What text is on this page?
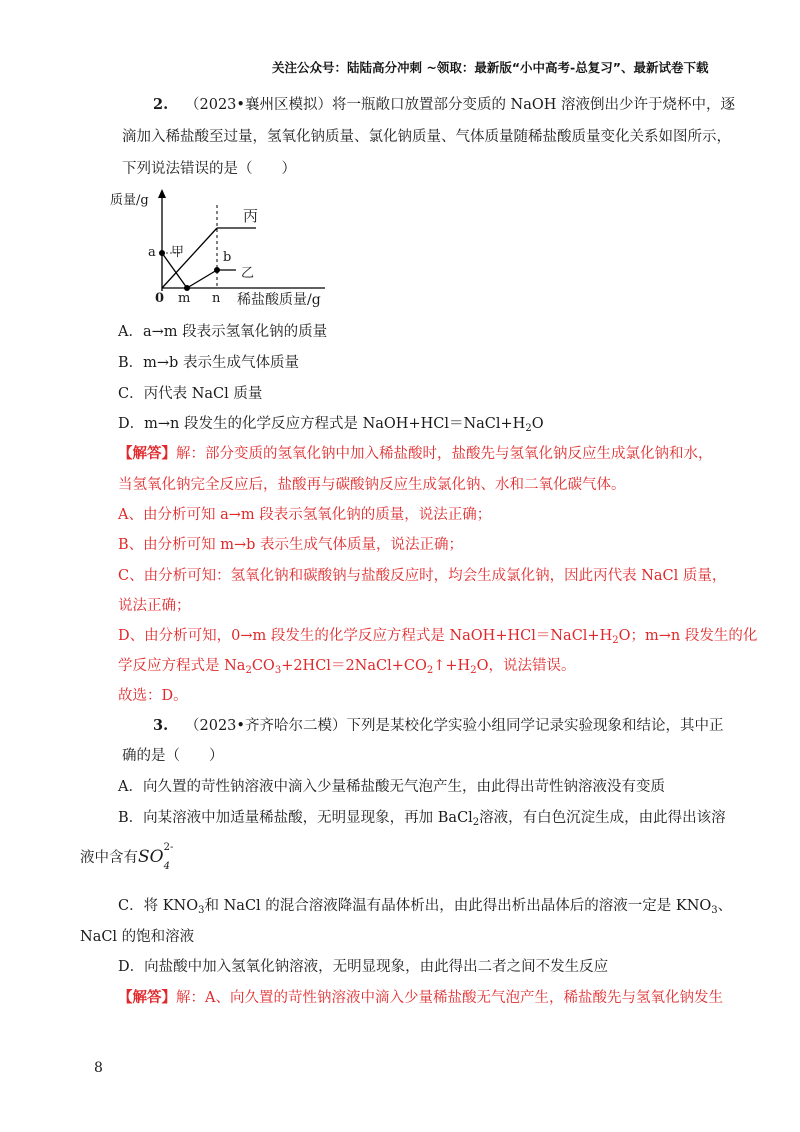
关注公众号：陆陆高分冲刺 ~领取：最新版“小中高考-总复习”、最新试卷下载
2. （2023•襄州区模拟）将一瓶敞口放置部分变质的 NaOH 溶液倒出少许于烧杯中，逐
滴加入稀盐酸至过量，氢氧化钠质量、氯化钠质量、气体质量随稀盐酸质量变化关系如图所示，
下列说法错误的是（　　）
质量/g
a 甲	b
乙
丙
0 m n 稀盐酸质量/g
A．a→m 段表示氢氧化钠的质量
B．m→b 表示生成气体质量
C．丙代表 NaCl 质量
D．m→n 段发生的化学反应方程式是 $NaOH+HCl=NaCl+H_2O$
【解答】解：部分变质的氢氧化钠中加入稀盐酸时，盐酸先与氢氧化钠反应生成氯化钠和水，
当氢氧化钠完全反应后，盐酸再与碳酸钠反应生成氯化钠、水和二氧化碳气体。
A、由分析可知 a→m 段表示氢氧化钠的质量，说法正确；
B、由分析可知 m→b 表示生成气体质量，说法正确；
C、由分析可知：氢氧化钠和碳酸钠与盐酸反应时，均会生成氯化钠，因此丙代表 NaCl 质量，
说法正确；
D、由分析可知，0→m 段发生的化学反应方程式是 $NaOH+HCl=NaCl+H_2O$；m→n 段发生的化
学反应方程式是 $Na_2CO_3+2HCl=2NaCl+CO_2↑+H_2O$，说法错误。
故选：D。
3. （2023•齐齐哈尔二模）下列是某校化学实验小组同学记录实验现象和结论，其中正
确的是（　　）
A．向久置的苛性钠溶液中滴入少量稀盐酸无气泡产生，由此得出苛性钠溶液没有变质
B．向某溶液中加适量稀盐酸，无明显现象，再加 BaCl$_2$溶液，有白色沉淀生成，由此得出该溶
液中含有SO 2-
4
C．将 $KNO_3$和 NaCl 的混合溶液降温有晶体析出，由此得出析出晶体后的溶液一定是 $KNO_3$、
NaCl 的饱和溶液
D．向盐酸中加入氢氧化钠溶液，无明显现象，由此得出二者之间不发生反应
【解答】解：A、向久置的苛性钠溶液中滴入少量稀盐酸无气泡产生，稀盐酸先与氢氧化钠发生
8
